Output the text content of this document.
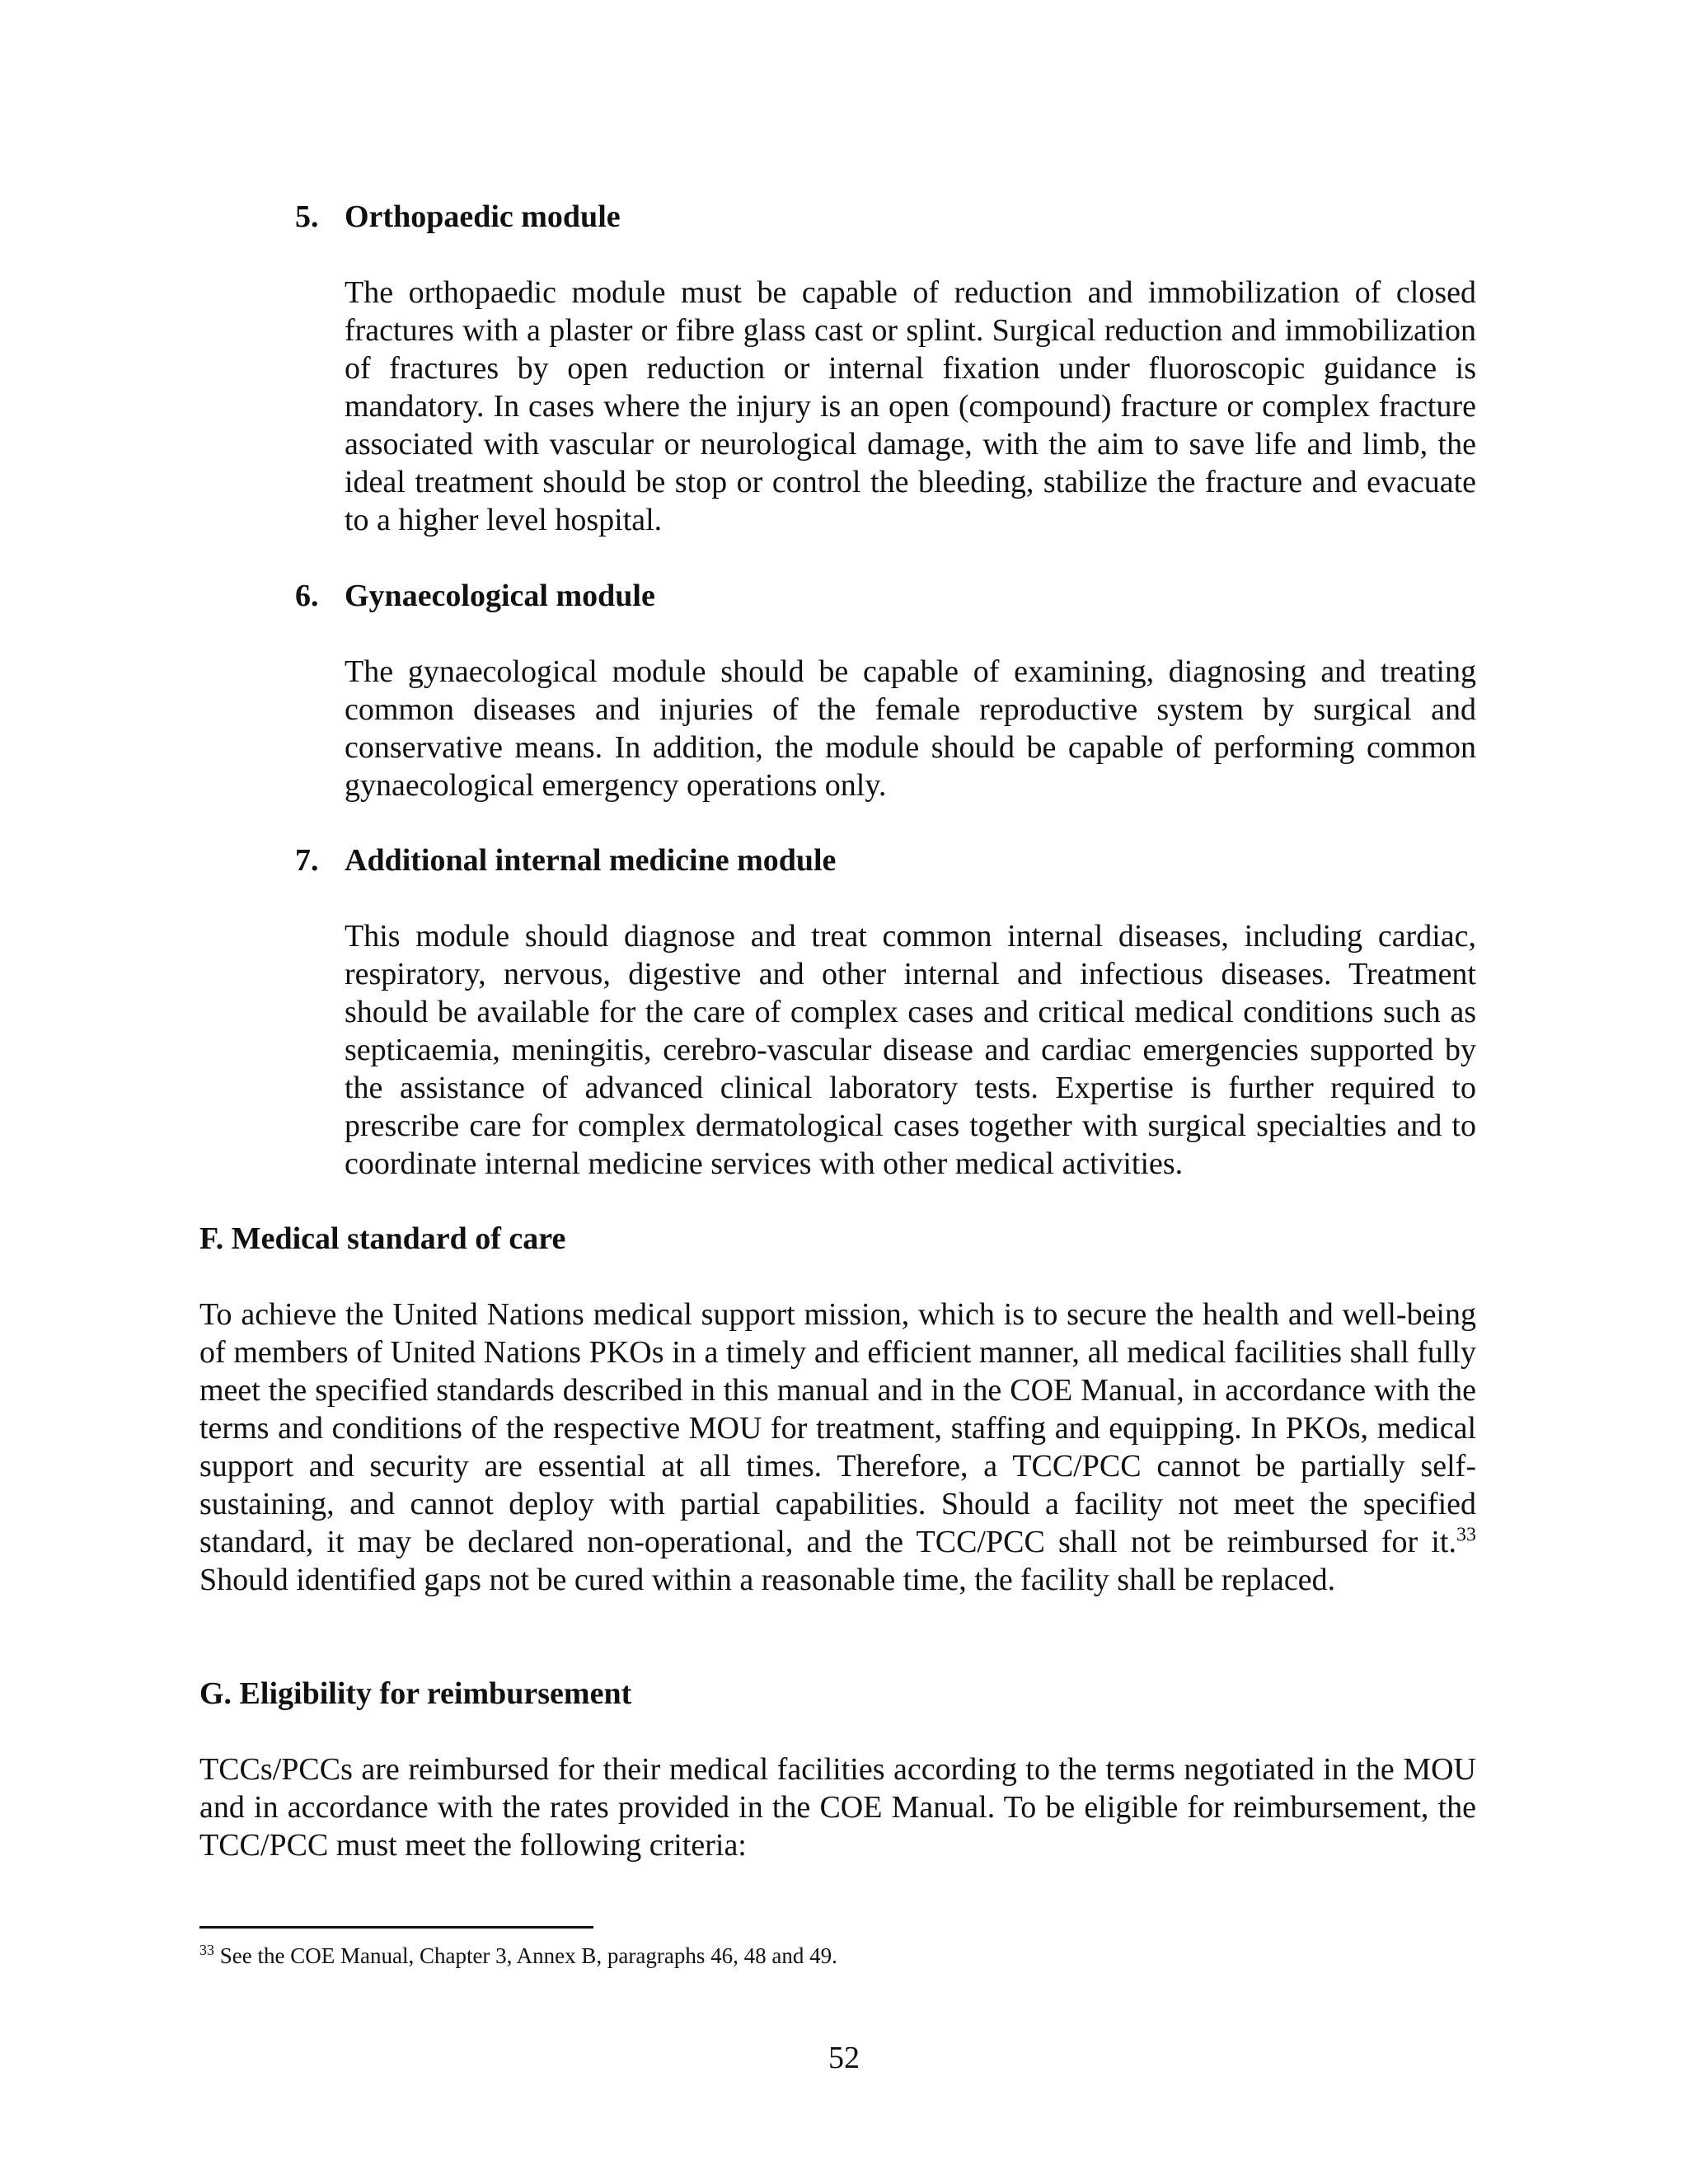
5. Orthopaedic module

The orthopaedic module must be capable of reduction and immobilization of closed fractures with a plaster or fibre glass cast or splint. Surgical reduction and immobilization of fractures by open reduction or internal fixation under fluoroscopic guidance is mandatory. In cases where the injury is an open (compound) fracture or complex fracture associated with vascular or neurological damage, with the aim to save life and limb, the ideal treatment should be stop or control the bleeding, stabilize the fracture and evacuate to a higher level hospital.

6. Gynaecological module

The gynaecological module should be capable of examining, diagnosing and treating common diseases and injuries of the female reproductive system by surgical and conservative means. In addition, the module should be capable of performing common gynaecological emergency operations only.

7. Additional internal medicine module

This module should diagnose and treat common internal diseases, including cardiac, respiratory, nervous, digestive and other internal and infectious diseases. Treatment should be available for the care of complex cases and critical medical conditions such as septicaemia, meningitis, cerebro-vascular disease and cardiac emergencies supported by the assistance of advanced clinical laboratory tests. Expertise is further required to prescribe care for complex dermatological cases together with surgical specialties and to coordinate internal medicine services with other medical activities.

F. Medical standard of care

To achieve the United Nations medical support mission, which is to secure the health and well-being of members of United Nations PKOs in a timely and efficient manner, all medical facilities shall fully meet the specified standards described in this manual and in the COE Manual, in accordance with the terms and conditions of the respective MOU for treatment, staffing and equipping. In PKOs, medical support and security are essential at all times. Therefore, a TCC/PCC cannot be partially self-sustaining, and cannot deploy with partial capabilities. Should a facility not meet the specified standard, it may be declared non-operational, and the TCC/PCC shall not be reimbursed for it.$^{33}$ Should identified gaps not be cured within a reasonable time, the facility shall be replaced.

G. Eligibility for reimbursement

TCCs/PCCs are reimbursed for their medical facilities according to the terms negotiated in the MOU and in accordance with the rates provided in the COE Manual. To be eligible for reimbursement, the TCC/PCC must meet the following criteria:

$^{33}$ See the COE Manual, Chapter 3, Annex B, paragraphs 46, 48 and 49.
52
